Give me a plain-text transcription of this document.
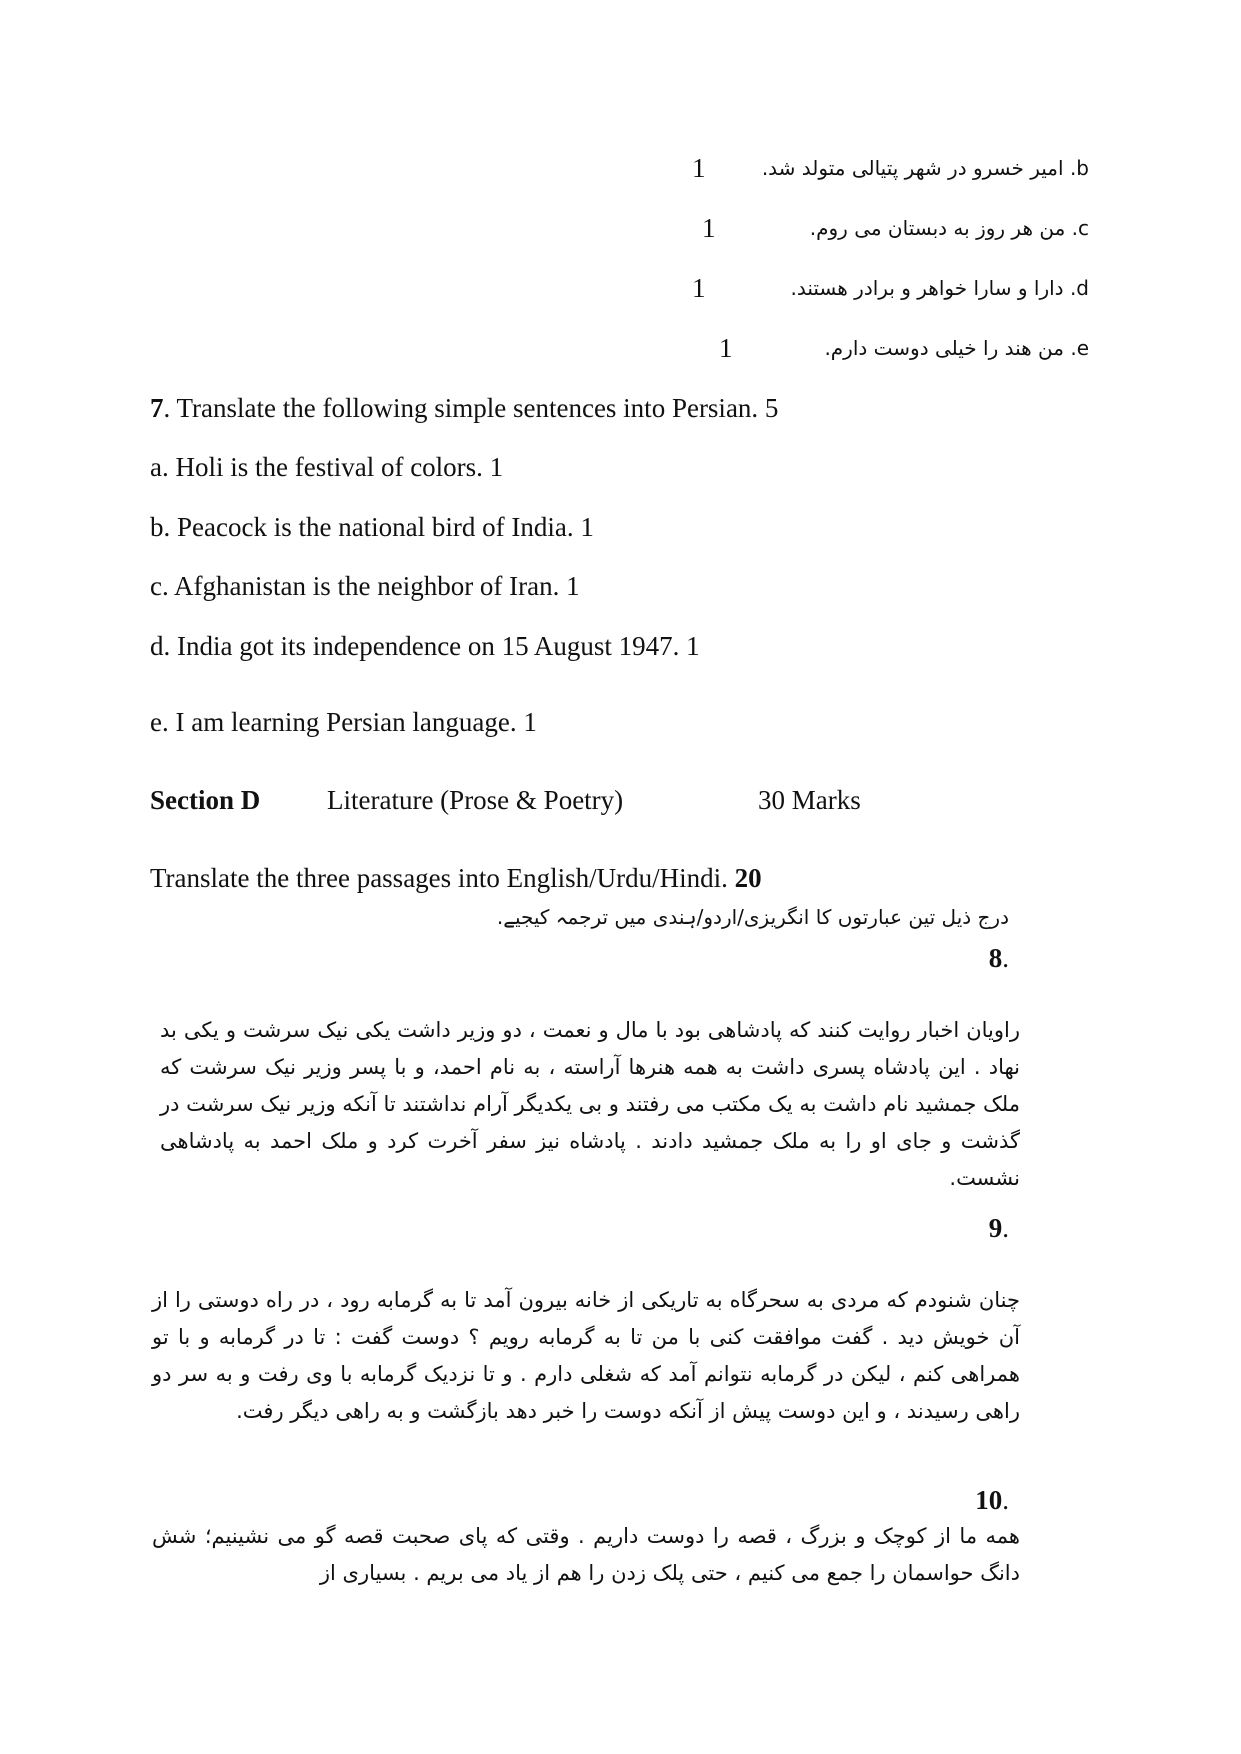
b. امیر خسرو در شهر پتیالی متولد شد.
1
c. من هر روز به دبستان می روم.
1
d. دارا و سارا خواهر و برادر هستند.
1
e. من هند را خیلی دوست دارم.
1
7. Translate the following simple sentences into Persian. 5
a. Holi is the festival of colors. 1
b. Peacock is the national bird of India. 1
c. Afghanistan is the neighbor of Iran. 1
d. India got its independence on 15 August 1947. 1
e. I am learning Persian language. 1
Section D Literature (Prose & Poetry)	30 Marks
Translate the three passages into English/Urdu/Hindi. 20
درج ذیل تین عبارتوں کا انگریزی/اردو/ہندی میں ترجمہ کیجیے.
8.
راویان اخبار روایت کنند که پادشاهی بود با مال و نعمت ، دو وزیر داشت یکی نیک سرشت و یکی بد نهاد . این پادشاه پسری داشت به همه هنرها آراسته ، به نام احمد، و با پسر وزیر نیک سرشت که ملک جمشید نام داشت به یک مکتب می رفتند و بی یکدیگر آرام نداشتند تا آنکه وزیر نیک سرشت در گذشت و جای او را به ملک جمشید دادند . پادشاه نیز سفر آخرت کرد و ملک احمد به پادشاهی نشست.
9.
چنان شنودم که مردی به سحرگاه به تاریکی از خانه بیرون آمد تا به گرمابه رود ، در راه دوستی را از آن خویش دید . گفت موافقت کنی با من تا به گرمابه رویم ؟ دوست گفت : تا در گرمابه و با تو همراهی کنم ، لیکن در گرمابه نتوانم آمد که شغلی دارم . و تا نزدیک گرمابه با وی رفت و به سر دو راهی رسیدند ، و این دوست پیش از آنکه دوست را خبر دهد بازگشت و به راهی دیگر رفت.
10.
همه ما از کوچک و بزرگ ، قصه را دوست داریم . وقتی که پای صحبت قصه گو می نشینیم؛ شش دانگ حواسمان را جمع می کنیم ، حتی پلک زدن را هم از یاد می بریم . بسیاری از
